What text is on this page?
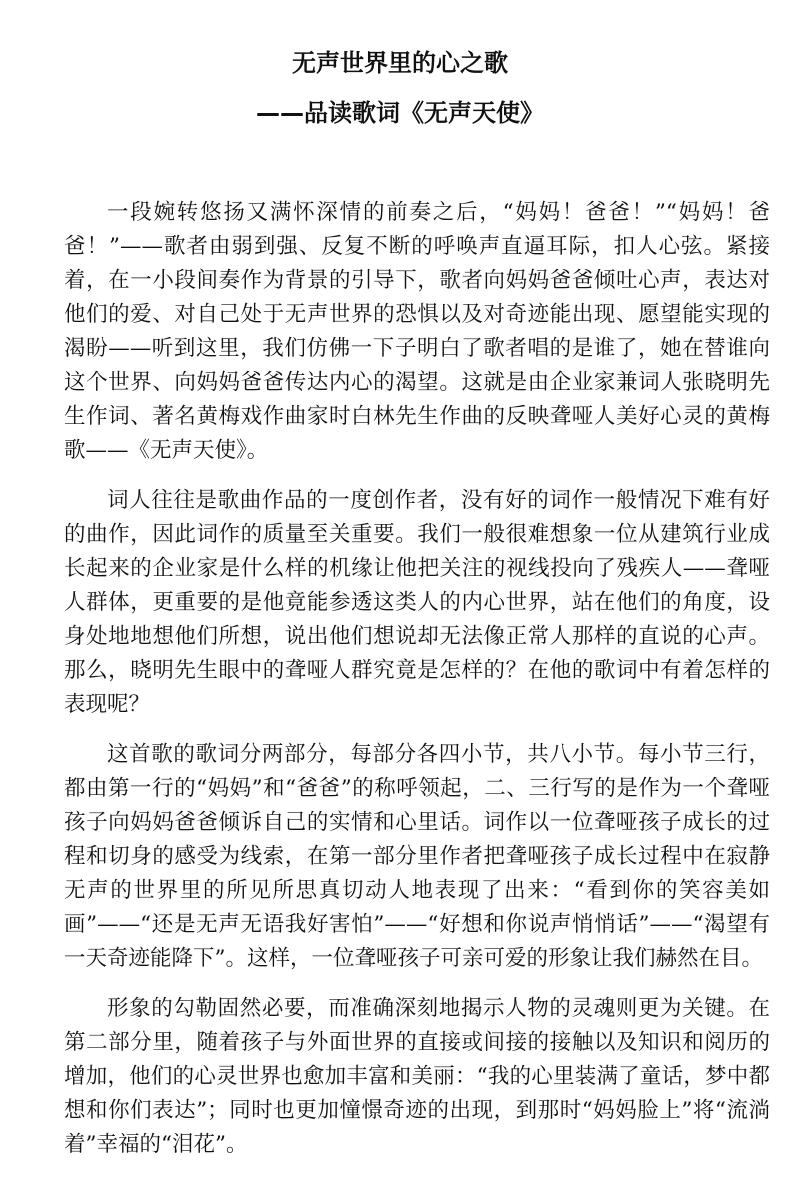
无声世界里的心之歌
——品读歌词《无声天使》

一段婉转悠扬又满怀深情的前奏之后，“妈妈！爸爸！”“妈妈！爸爸！”——歌者由弱到强、反复不断的呼唤声直逼耳际，扣人心弦。紧接着，在一小段间奏作为背景的引导下，歌者向妈妈爸爸倾吐心声，表达对他们的爱、对自己处于无声世界的恐惧以及对奇迹能出现、愿望能实现的渴盼——听到这里，我们仿佛一下子明白了歌者唱的是谁了，她在替谁向这个世界、向妈妈爸爸传达内心的渴望。这就是由企业家兼词人张晓明先生作词、著名黄梅戏作曲家时白林先生作曲的反映聋哑人美好心灵的黄梅歌——《无声天使》。

词人往往是歌曲作品的一度创作者，没有好的词作一般情况下难有好的曲作，因此词作的质量至关重要。我们一般很难想象一位从建筑行业成长起来的企业家是什么样的机缘让他把关注的视线投向了残疾人——聋哑人群体，更重要的是他竟能参透这类人的内心世界，站在他们的角度，设身处地地想他们所想，说出他们想说却无法像正常人那样的直说的心声。那么，晓明先生眼中的聋哑人群究竟是怎样的？在他的歌词中有着怎样的表现呢？

这首歌的歌词分两部分，每部分各四小节，共八小节。每小节三行，都由第一行的“妈妈”和“爸爸”的称呼领起，二、三行写的是作为一个聋哑孩子向妈妈爸爸倾诉自己的实情和心里话。词作以一位聋哑孩子成长的过程和切身的感受为线索，在第一部分里作者把聋哑孩子成长过程中在寂静无声的世界里的所见所思真切动人地表现了出来：“看到你的笑容美如画”——“还是无声无语我好害怕”——“好想和你说声悄悄话”——“渴望有一天奇迹能降下”。这样，一位聋哑孩子可亲可爱的形象让我们赫然在目。

形象的勾勒固然必要，而准确深刻地揭示人物的灵魂则更为关键。在第二部分里，随着孩子与外面世界的直接或间接的接触以及知识和阅历的增加，他们的心灵世界也愈加丰富和美丽：“我的心里装满了童话，梦中都想和你们表达”；同时也更加憧憬奇迹的出现，到那时“妈妈脸上”将“流淌着”幸福的“泪花”。
